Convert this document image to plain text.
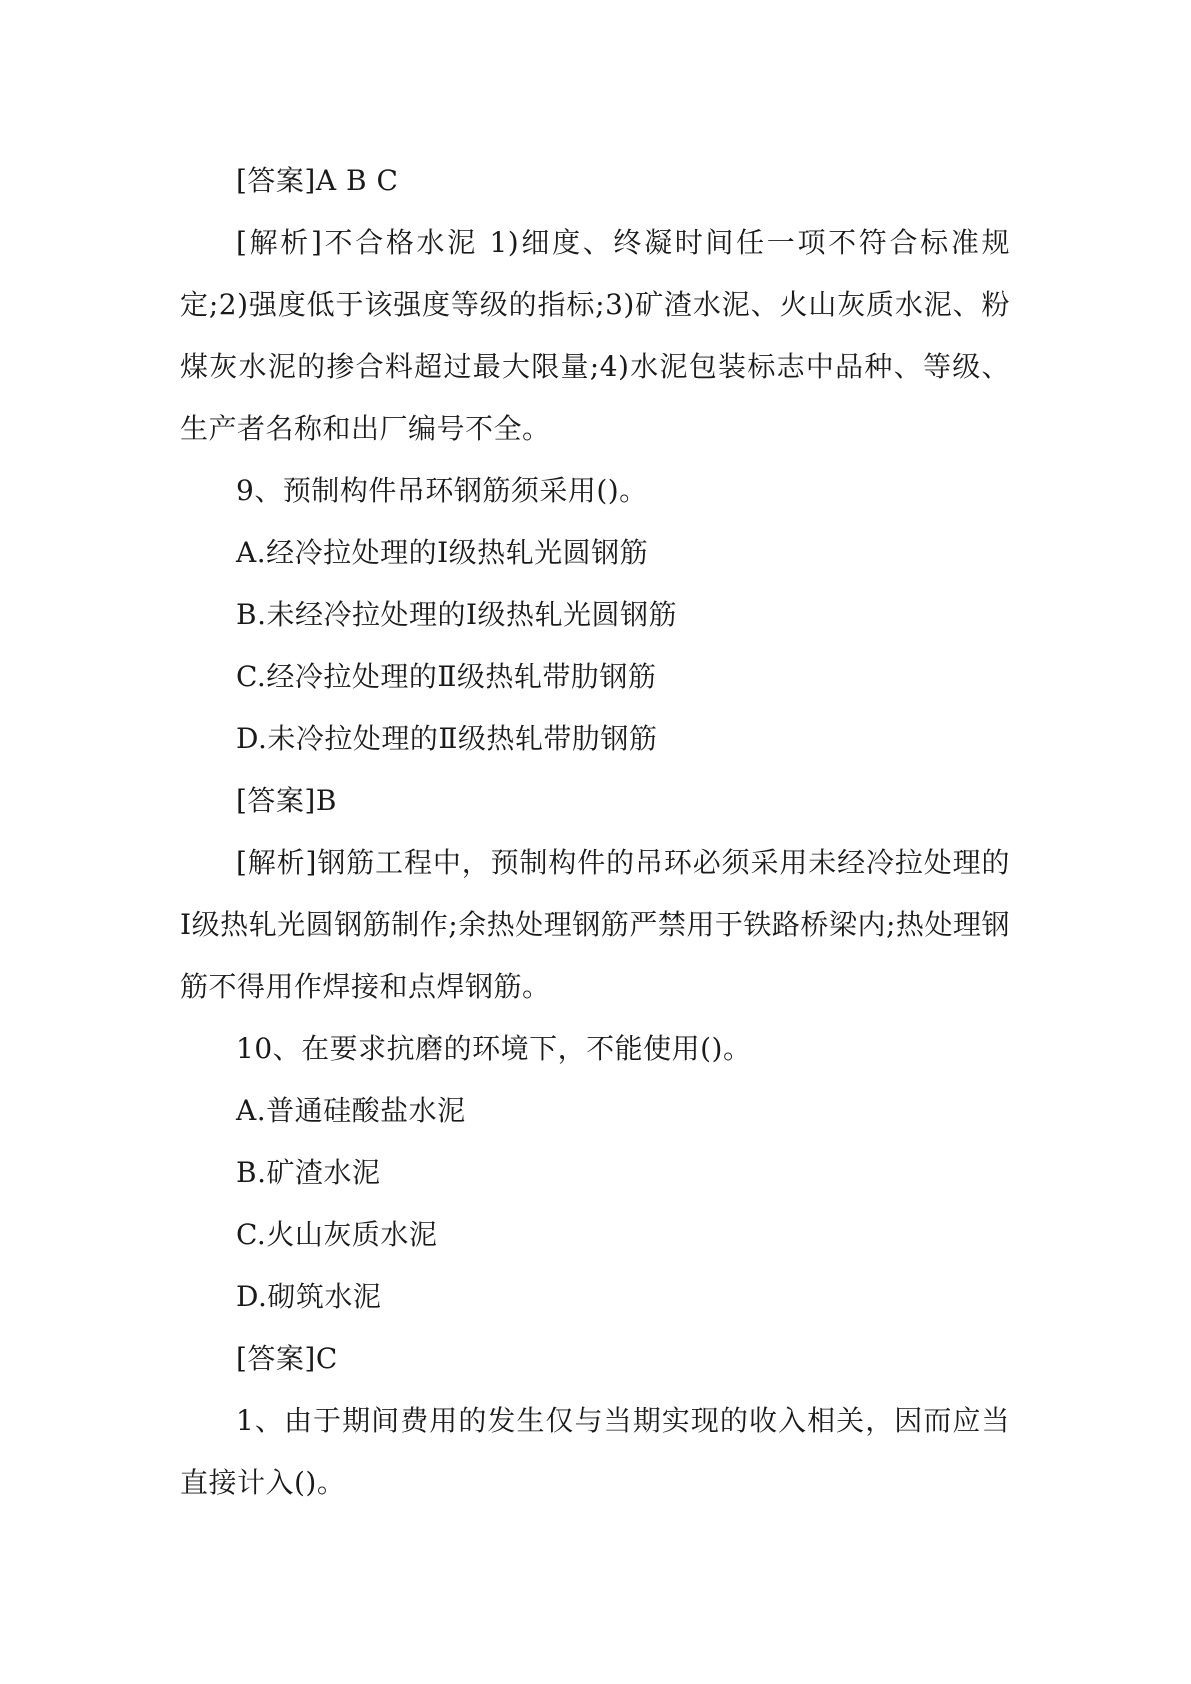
[答案]A B C

[解析]不合格水泥 1)细度、终凝时间任一项不符合标准规定;2)强度低于该强度等级的指标;3)矿渣水泥、火山灰质水泥、粉煤灰水泥的掺合料超过最大限量;4)水泥包装标志中品种、等级、生产者名称和出厂编号不全。

9、预制构件吊环钢筋须采用()。

A.经冷拉处理的Ⅰ级热轧光圆钢筋

B.未经冷拉处理的Ⅰ级热轧光圆钢筋

C.经冷拉处理的Ⅱ级热轧带肋钢筋

D.未冷拉处理的Ⅱ级热轧带肋钢筋

[答案]B

[解析]钢筋工程中，预制构件的吊环必须采用未经冷拉处理的 Ⅰ级热轧光圆钢筋制作;余热处理钢筋严禁用于铁路桥梁内;热处理钢筋不得用作焊接和点焊钢筋。

10、在要求抗磨的环境下，不能使用()。

A.普通硅酸盐水泥

B.矿渣水泥

C.火山灰质水泥

D.砌筑水泥

[答案]C

1、由于期间费用的发生仅与当期实现的收入相关，因而应当直接计入()。
